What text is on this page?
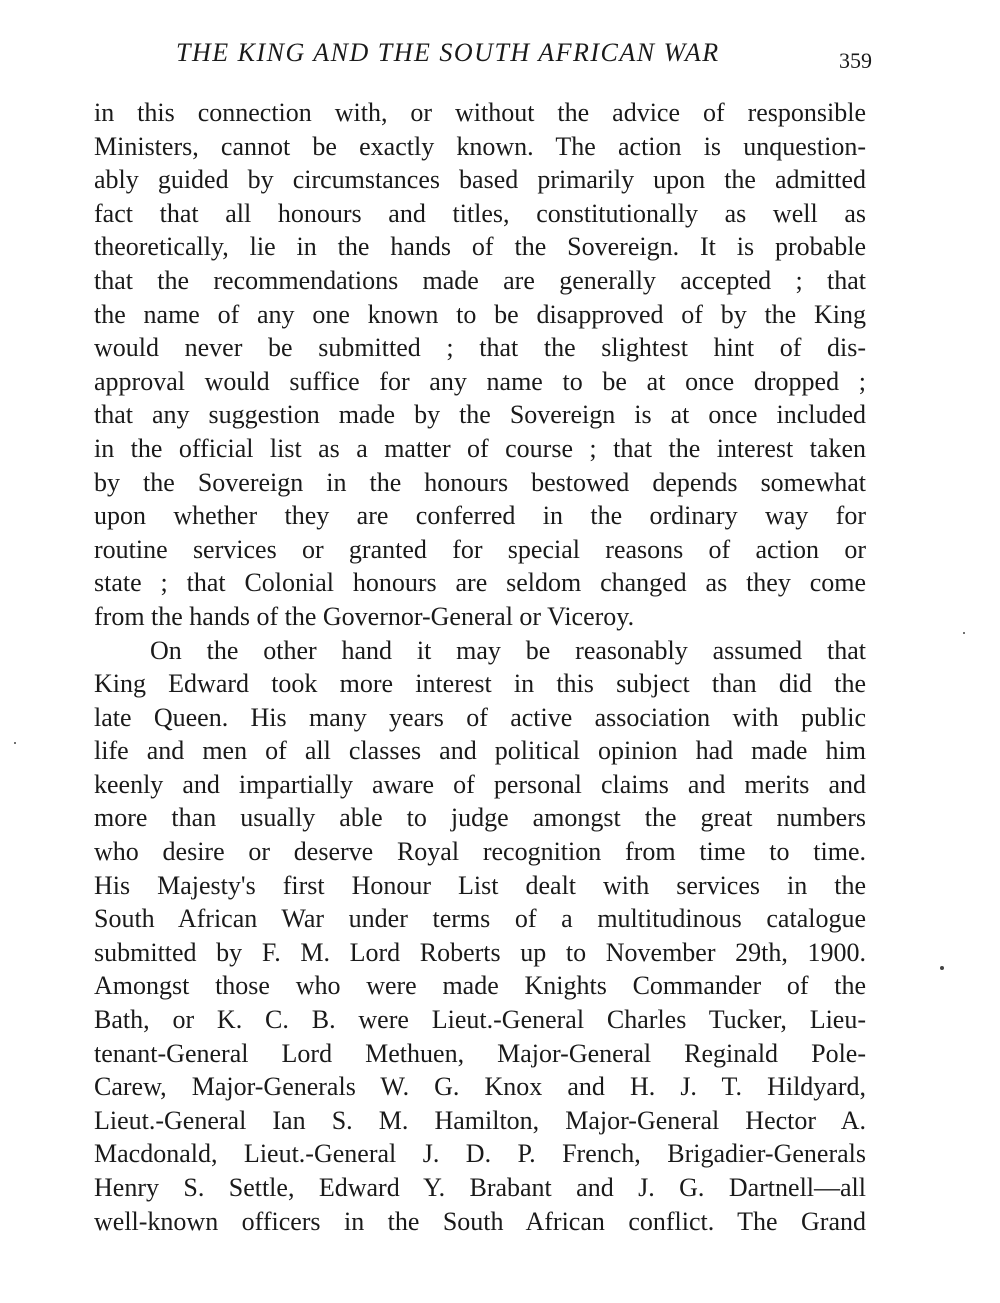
THE KING AND THE SOUTH AFRICAN WAR	359
in this connection with, or without the advice of responsible
Ministers, cannot be exactly known. The action is unquestion-
ably guided by circumstances based primarily upon the admitted
fact that all honours and titles, constitutionally as well as
theoretically, lie in the hands of the Sovereign. It is probable
that the recommendations made are generally accepted ; that
the name of any one known to be disapproved of by the King
would never be submitted ; that the slightest hint of dis-
approval would suffice for any name to be at once dropped ;
that any suggestion made by the Sovereign is at once included
in the official list as a matter of course ; that the interest taken
by the Sovereign in the honours bestowed depends somewhat
upon whether they are conferred in the ordinary way for
routine services or granted for special reasons of action or
state ; that Colonial honours are seldom changed as they come
from the hands of the Governor-General or Viceroy.
On the other hand it may be reasonably assumed that
King Edward took more interest in this subject than did the
late Queen. His many years of active association with public
life and men of all classes and political opinion had made him
keenly and impartially aware of personal claims and merits and
more than usually able to judge amongst the great numbers
who desire or deserve Royal recognition from time to time.
His Majesty's first Honour List dealt with services in the
South African War under terms of a multitudinous catalogue
submitted by F. M. Lord Roberts up to November 29th, 1900.
Amongst those who were made Knights Commander of the
Bath, or K. C. B. were Lieut.-General Charles Tucker, Lieu-
tenant-General Lord Methuen, Major-General Reginald Pole-
Carew, Major-Generals W. G. Knox and H. J. T. Hildyard,
Lieut.-General Ian S. M. Hamilton, Major-General Hector A.
Macdonald, Lieut.-General J. D. P. French, Brigadier-Generals
Henry S. Settle, Edward Y. Brabant and J. G. Dartnell—all
well-known officers in the South African conflict. The Grand
